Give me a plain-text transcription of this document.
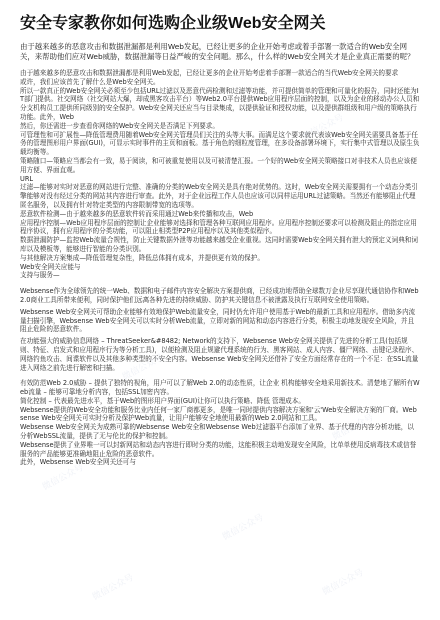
安全专家教你如何选购企业级Web安全网关

由于越来越多的恶意攻击和数据泄漏都是利用Web发起，已经让更多的企业开始考虑或着手部署一款适合的Web安全网关，来帮助他们应对Web威胁，数据泄漏等日益严峻的安全问题。那么，什么样的Web安全网关才是企业真正需要的呢？

由于越来越多的恶意攻击和数据泄漏都是利用Web发起，已经让更多的企业开始考虑着手部署一款适合的当代Web安全网关的要求

或许，我们应该首先了解什么是Web安全网关。

所以一款真正的Web安全网关必须至少包括URL过滤以及恶意代码检测和过滤等功能，并可提供简单的管理和可量化的报告，同时还能为IT部门提供。社交网络（社交网站大爆，却成黑客攻击平台）等Web2.0平台提供Web应用程序层面的控制，以及为企业的移动办公人员和分支机构员工提供所同级别的安全保护。Web安全网关还应当与目录集成，以提供验证和授权功能，以及提供群组级和用户级的策略执行功能。此外，Web

然后，你还需进一步查看你网络的Web安全网关是否满足下列要求。

可管理性和可扩展性—降低管理费用随着Web安全网关管理员们关注的头等大事。而满足这个要求就代表该Web安全网关需要具备基于任务的管理图形用户界面(GUI)，可显示实时事件的主页和面板。基于角色的细粒度管理，在多设备部署环境下，实行集中式管理以及原生负载均衡等。

策略随口—策略应当都会有一致，易于阅读，和可被重复使用以及可被清楚汇报。一个好的Web安全网关策略接口对非技术人员也应该便用方便、界面直观。

URL

过滤—能够对实时对恶意的网站进行完整、准确的分类的Web安全网关是具有绝对优势的。这时，Web安全网关需要拥有一个动态分类引擎能够对没有经过分类的网站其内容进行审查。此外，对于企业远程工作人员也应该可以同样运用URL过滤策略。当然还有能够阻止代理匿名服务，以及拥有针对特定类型的内容限制带宽的选项等。

恶意软件检测—由于越来越多的恶意软件转而采用通过Web来传播和攻击，Web

应用程序控制—Web应用程序层面的控制让企业能够对选择和管理各种互联网应用程序。应用程序控制还要求可以检测及阻止的指定应用程序协议，拥有应用程序的分类功能，可以阻止相类型P2P应用程序以及其他类似程序。

数据泄漏防护—监控Web流量合规性，防止关键数据外泄等功能越来越受企业重视。这同时需要Web安全网关拥有泄大的预定义词典和词库以及模板等，能够进行智能的分类识别。

与其他解决方案集成—降低管理复杂性，降低总体拥有成本，并提供更有效的保护。

Web安全网关应能与

支持与服务—

Websense作为全球领先的统一Web、数据和电子邮件内容安全解决方案提供商，已经成功地帮助全球数万企业尽享现代通信协作和Web2.0商业工具所带来便利，同时保护他们远离各种先进的持续威胁、防护其关键信息不被泄露及执行互联网安全使用策略。

Websense Web安全网关可帮助企业能够有效地保护Web流量安全，同时仍允许用户使用基于Web的最新工具和应用程序。借助多内流量扫描引擎，Websense Web安全网关可以实时分析Web流量，立即对新的网站和动态内容进行分类，积极主动地发现安全风险，并且阻止危险的恶意软件。

在功能强大的威胁信息网络 – ThreatSeeker&#8482; Network的支持下，Websense Web安全网关提供了先进的分析工具(包括规则、特征、启发式和应用程序行为等分析工具)，以便检测及阻止规避代理系统的行为、黑客网站、成人内容、僵尸网络、击键记录程序、网络钓鱼攻击、间谍软件以及其他多种类型的不安全内容。Websense Web安全网关还借补了安全方面经常存在的一个不足：在SSL流量进入网络之前先进行解密和扫描。

有效防范Web 2.0威胁 – 提供了独特的视角，用户可以了解Web 2.0的动态性质，让企业 机构能够安全地采用新技术。清楚地了解所有Web流量 – 能够可靠地分析内容，包括SSL加密内容。

简化控制 – 代表最先进水平，基于Web的图形用户界面(GUI)让你可以执行策略、降低 管理成本。

Websense提供的Web安全功能和服务比业内任何一家厂商都更多，是唯一同时提供内容解决方案和'云'Web安全解决方案的厂商。Websense Web安全网关可实时分析及保护Web流量，让用户能够安全地使用最新的Web 2.0网站和工具。

Websense Web安全网关为成熟可靠的Websense Web安全和Websense Web过滤器平台添加了业界、基于代理的内容分析功能，以分析WebSSL流量，提供了无与伦比的保护和控制。

Websense提供了业界唯一可以封新网站和动态内容进行即时分类的功能，这能积极主动地发现安全风险，比单单使用反病毒技术或信誉服务的产品能够更准确地阻止危险的恶意软件。

此外，Websense Web安全网关还可与

微信公众号
微信公众号
微信公众号
微信公众号
微信公众号
微信公众号
微信公众号
微信公众号	微信公众号
